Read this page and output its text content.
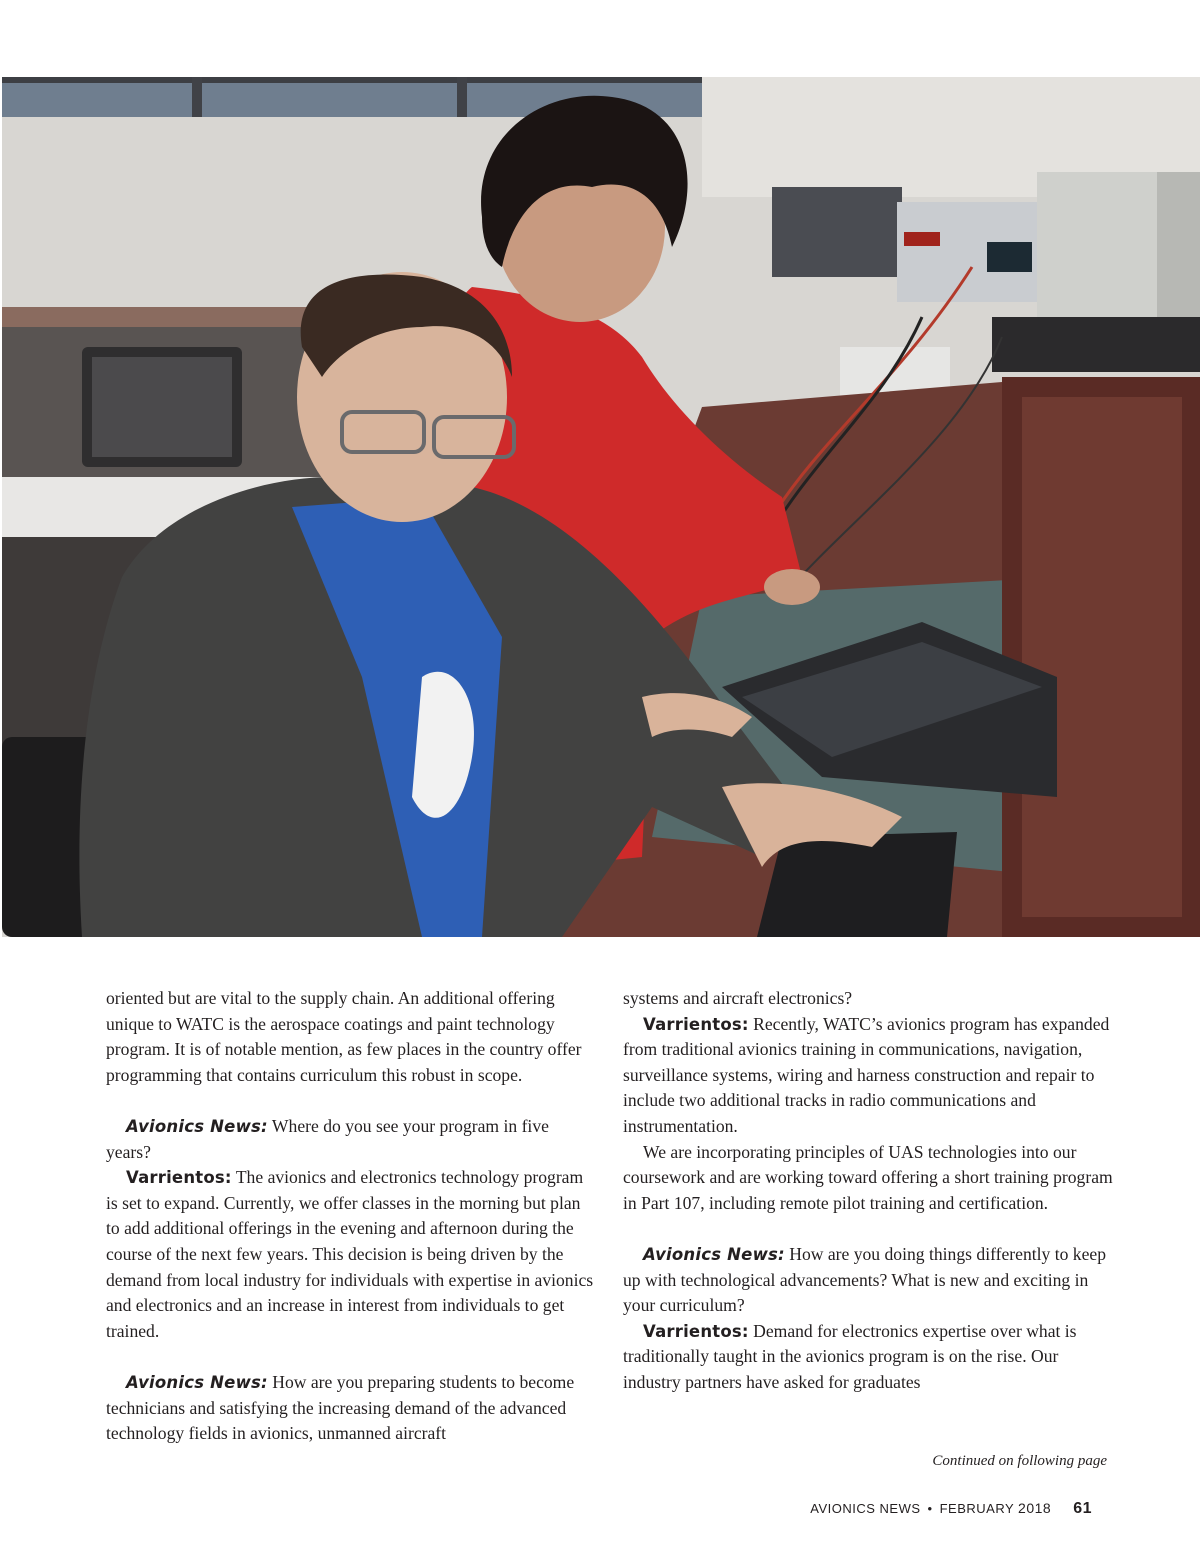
oriented but are vital to the supply chain. An additional offering unique to WATC is the aerospace coatings and paint technology program. It is of notable mention, as few places in the country offer programming that contains curriculum this robust in scope.

Avionics News: Where do you see your program in five years?

Varrientos: The avionics and electronics technology program is set to expand. Currently, we offer classes in the morning but plan to add additional offerings in the evening and afternoon during the course of the next few years. This decision is being driven by the demand from local industry for individuals with expertise in avionics and electronics and an increase in interest from individuals to get trained.

Avionics News: How are you preparing students to become technicians and satisfying the increasing demand of the advanced technology fields in avionics, unmanned aircraft

systems and aircraft electronics?

Varrientos: Recently, WATC’s avionics program has expanded from traditional avionics training in communications, navigation, surveillance systems, wiring and harness construction and repair to include two additional tracks in radio communications and instrumentation.

We are incorporating principles of UAS technologies into our coursework and are working toward offering a short training program in Part 107, including remote pilot training and certification.

Avionics News: How are you doing things differently to keep up with technological advancements? What is new and exciting in your curriculum?

Varrientos: Demand for electronics expertise over what is traditionally taught in the avionics program is on the rise. Our industry partners have asked for graduates

Continued on following page
AVIONICS NEWS • FEBRUARY 2018 61
